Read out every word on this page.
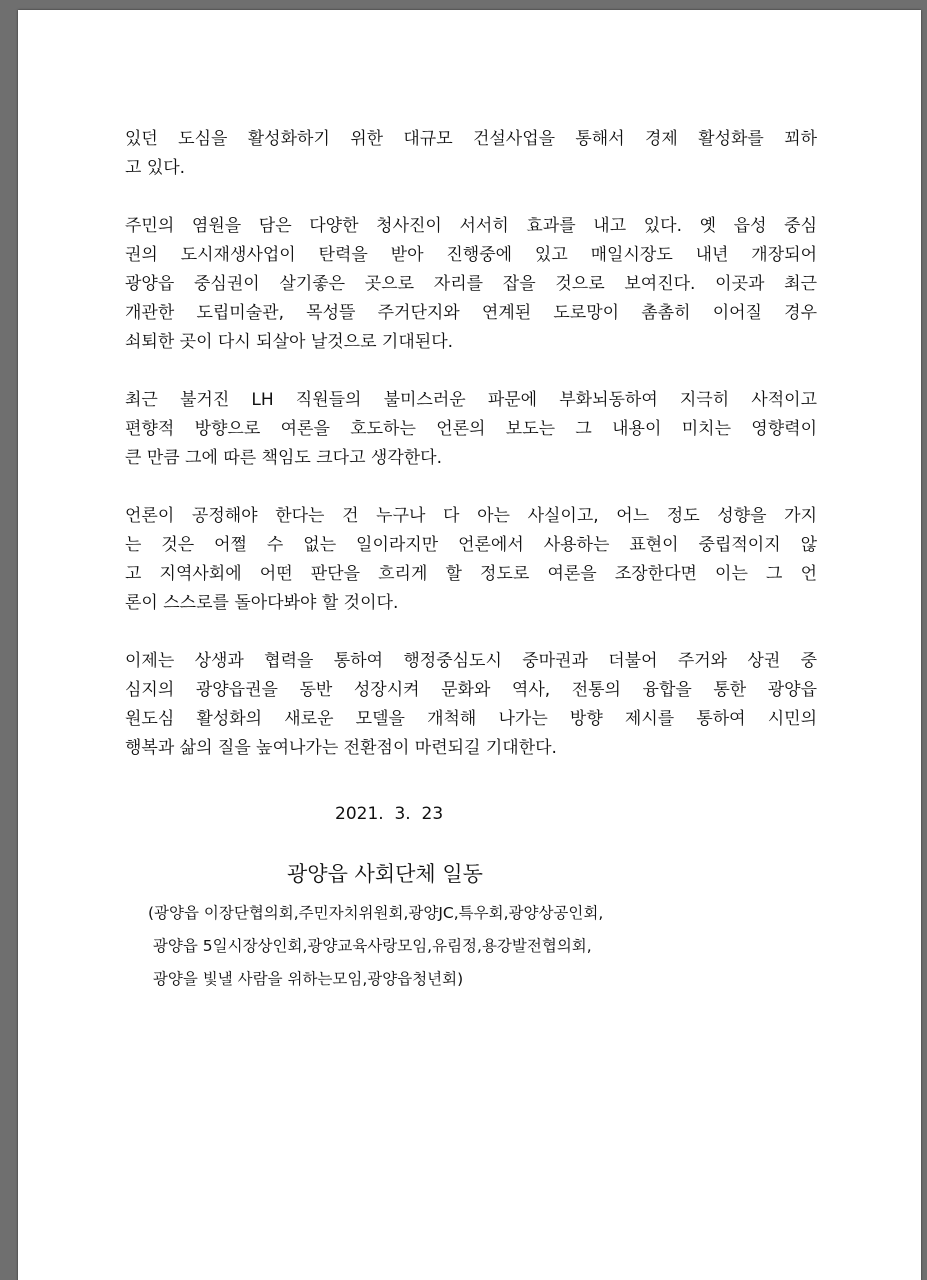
있던 도심을 활성화하기 위한 대규모 건설사업을 통해서 경제 활성화를 꾀하
고 있다.
주민의 염원을 담은 다양한 청사진이 서서히 효과를 내고 있다. 옛 읍성 중심
권의 도시재생사업이 탄력을 받아 진행중에 있고 매일시장도 내년 개장되어
광양읍 중심권이 살기좋은 곳으로 자리를 잡을 것으로 보여진다. 이곳과 최근
개관한 도립미술관, 목성뜰 주거단지와 연계된 도로망이 촘촘히 이어질 경우
쇠퇴한 곳이 다시 되살아 날것으로 기대된다.
최근 불거진 LH 직원들의 불미스러운 파문에 부화뇌동하여 지극히 사적이고
편향적 방향으로 여론을 호도하는 언론의 보도는 그 내용이 미치는 영향력이
큰 만큼 그에 따른 책임도 크다고 생각한다.
언론이 공정해야 한다는 건 누구나 다 아는 사실이고, 어느 정도 성향을 가지
는 것은 어쩔 수 없는 일이라지만 언론에서 사용하는 표현이 중립적이지 않
고 지역사회에 어떤 판단을 흐리게 할 정도로 여론을 조장한다면 이는 그 언
론이 스스로를 돌아다봐야 할 것이다.
이제는 상생과 협력을 통하여 행정중심도시 중마권과 더불어 주거와 상권 중
심지의 광양읍권을 동반 성장시켜 문화와 역사, 전통의 융합을 통한 광양읍
원도심 활성화의 새로운 모델을 개척해 나가는 방향 제시를 통하여 시민의
행복과 삶의 질을 높여나가는 전환점이 마련되길 기대한다.
2021.  3.  23
광양읍 사회단체 일동
(광양읍 이장단협의회,주민자치위원회,광양JC,특우회,광양상공인회,
광양읍 5일시장상인회,광양교육사랑모임,유림정,용강발전협의회,
광양을 빛낼 사람을 위하는모임,광양읍청년회)
